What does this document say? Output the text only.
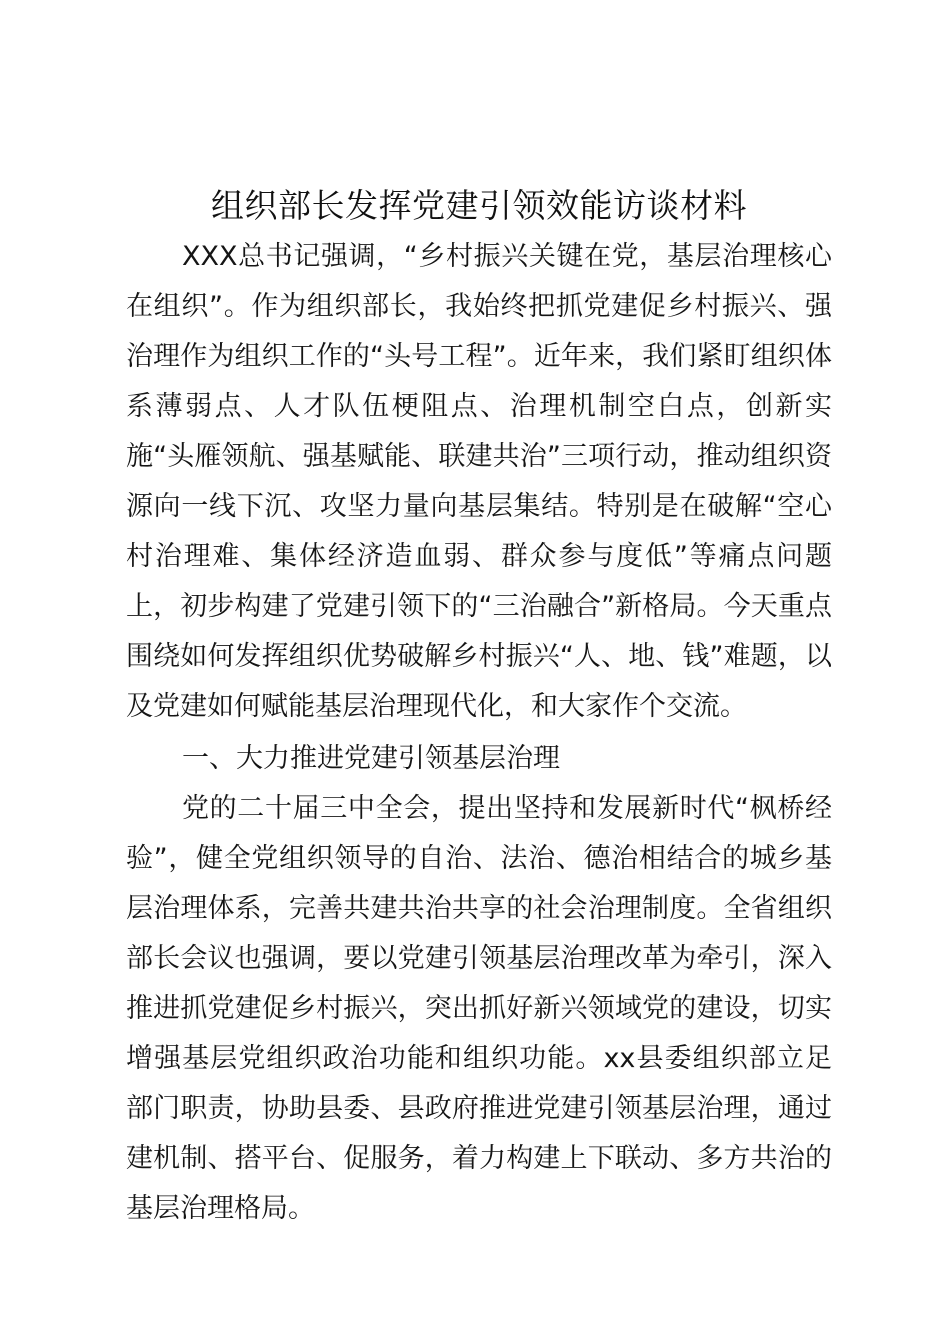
组织部长发挥党建引领效能访谈材料

XXX总书记强调，“乡村振兴关键在党，基层治理核心在组织”。作为组织部长，我始终把抓党建促乡村振兴、强治理作为组织工作的“头号工程”。近年来，我们紧盯组织体系薄弱点、人才队伍梗阻点、治理机制空白点，创新实施“头雁领航、强基赋能、联建共治”三项行动，推动组织资源向一线下沉、攻坚力量向基层集结。特别是在破解“空心村治理难、集体经济造血弱、群众参与度低”等痛点问题上，初步构建了党建引领下的“三治融合”新格局。今天重点围绕如何发挥组织优势破解乡村振兴“人、地、钱”难题，以及党建如何赋能基层治理现代化，和大家作个交流。

一、大力推进党建引领基层治理

党的二十届三中全会，提出坚持和发展新时代“枫桥经验”，健全党组织领导的自治、法治、德治相结合的城乡基层治理体系，完善共建共治共享的社会治理制度。全省组织部长会议也强调，要以党建引领基层治理改革为牵引，深入推进抓党建促乡村振兴，突出抓好新兴领域党的建设，切实增强基层党组织政治功能和组织功能。xx县委组织部立足部门职责，协助县委、县政府推进党建引领基层治理，通过建机制、搭平台、促服务，着力构建上下联动、多方共治的基层治理格局。
